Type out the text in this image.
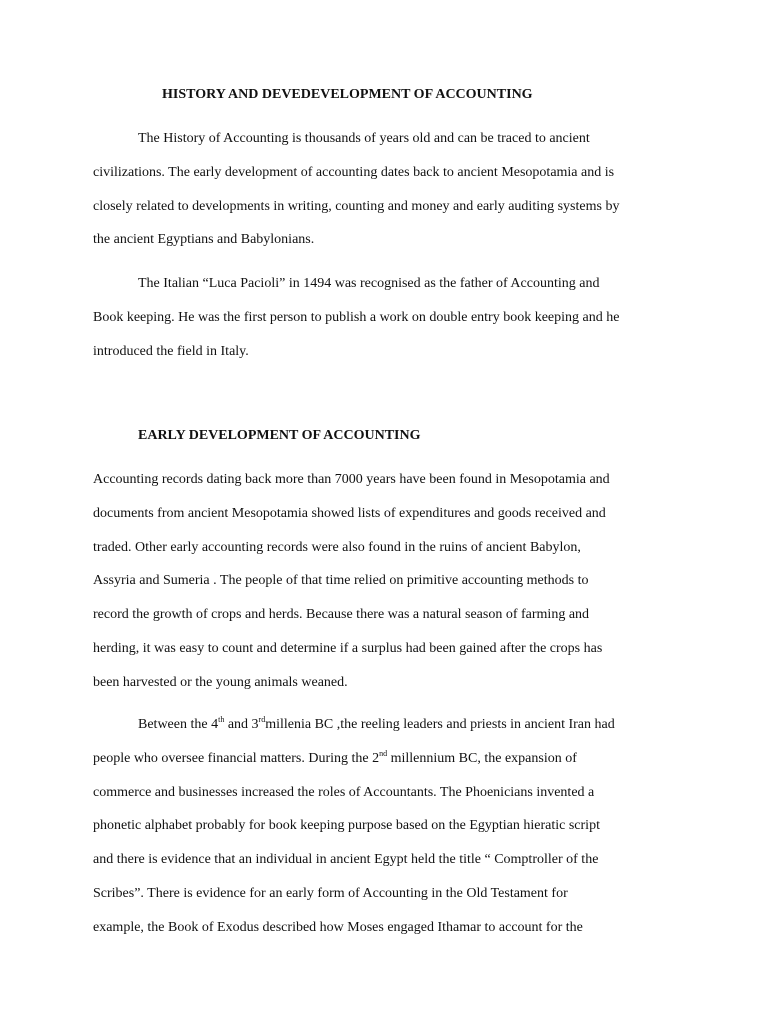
HISTORY AND DEVEDEVELOPMENT OF ACCOUNTING
The History of Accounting is thousands of years old and can be traced to ancient
civilizations. The early development of accounting dates back to ancient Mesopotamia and is
closely related to developments in writing, counting and money and early auditing systems by
the ancient Egyptians and Babylonians.
The Italian “Luca Pacioli” in 1494 was recognised as the father of Accounting and
Book keeping. He was the first person to publish a work on double entry book keeping and he
introduced the field in Italy.
EARLY DEVELOPMENT OF ACCOUNTING
Accounting records dating back more than 7000 years have been found in Mesopotamia and
documents from ancient Mesopotamia showed lists of expenditures and goods received and
traded. Other early accounting records were also found in the ruins of ancient Babylon,
Assyria and Sumeria . The people of that time relied on primitive accounting methods to
record the growth of crops and herds. Because there was a natural season of farming and
herding, it was easy to count and determine if a surplus had been gained after the crops has
been harvested or the young animals weaned.
Between the 4th and 3rdmillenia BC ,the reeling leaders and priests in ancient Iran had
people who oversee financial matters. During the 2nd millennium BC, the expansion of
commerce and businesses increased the roles of Accountants. The Phoenicians invented a
phonetic alphabet probably for book keeping purpose based on the Egyptian hieratic script
and there is evidence that an individual in ancient Egypt held the title “ Comptroller of the
Scribes”. There is evidence for an early form of Accounting in the Old Testament for
example, the Book of Exodus described how Moses engaged Ithamar to account for the
